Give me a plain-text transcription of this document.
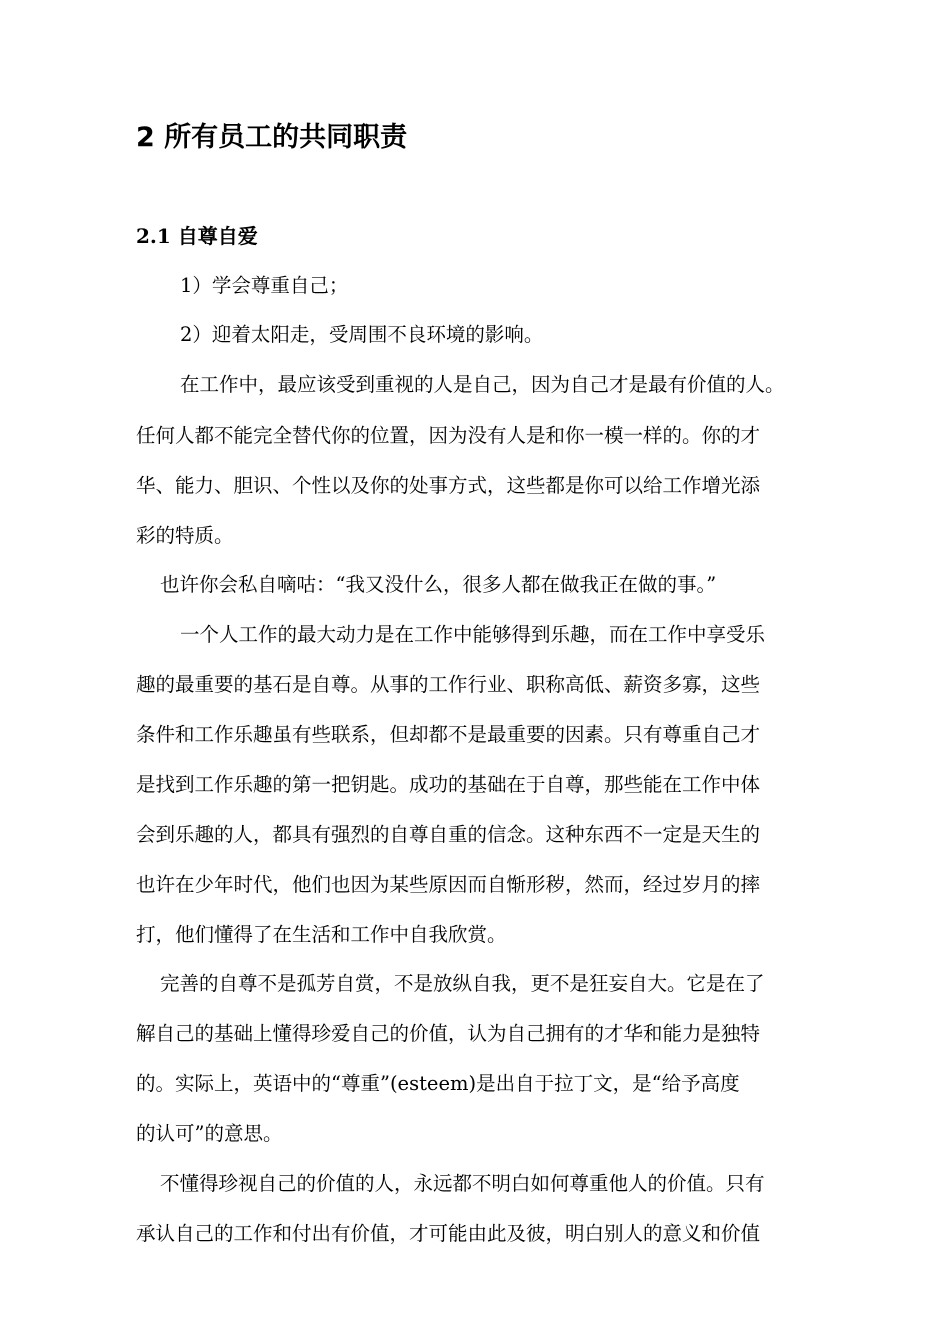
2 所有员工的共同职责
2.1 自尊自爱

1）学会尊重自己；

2）迎着太阳走，受周围不良环境的影响。

在工作中，最应该受到重视的人是自己，因为自己才是最有价值的人。

任何人都不能完全替代你的位置，因为没有人是和你一模一样的。你的才

华、能力、胆识、个性以及你的处事方式，这些都是你可以给工作增光添

彩的特质。

也许你会私自嘀咕：“我又没什么，很多人都在做我正在做的事。”

一个人工作的最大动力是在工作中能够得到乐趣，而在工作中享受乐

趣的最重要的基石是自尊。从事的工作行业、职称高低、薪资多寡，这些

条件和工作乐趣虽有些联系，但却都不是最重要的因素。只有尊重自己才

是找到工作乐趣的第一把钥匙。成功的基础在于自尊，那些能在工作中体

会到乐趣的人，都具有强烈的自尊自重的信念。这种东西不一定是天生的

也许在少年时代，他们也因为某些原因而自惭形秽，然而，经过岁月的摔

打，他们懂得了在生活和工作中自我欣赏。

完善的自尊不是孤芳自赏，不是放纵自我，更不是狂妄自大。它是在了

解自己的基础上懂得珍爱自己的价值，认为自己拥有的才华和能力是独特

的。实际上，英语中的“尊重”(esteem)是出自于拉丁文，是“给予高度

的认可”的意思。

不懂得珍视自己的价值的人，永远都不明白如何尊重他人的价值。只有

承认自己的工作和付出有价值，才可能由此及彼，明白别人的意义和价值
